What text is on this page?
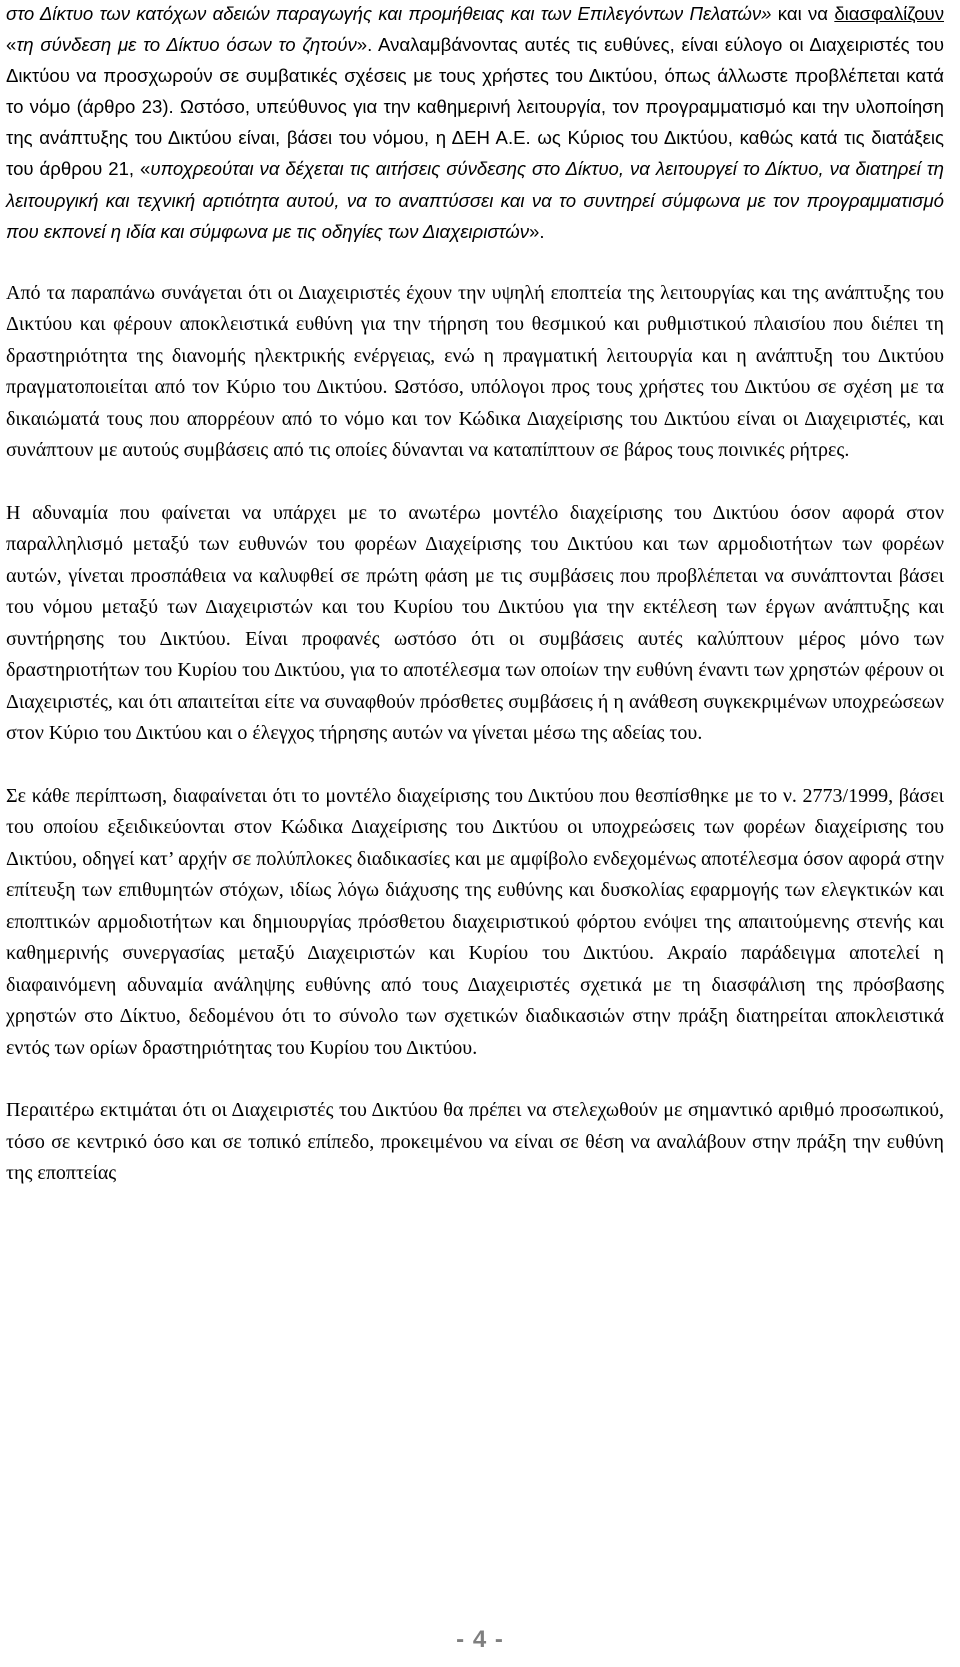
στο Δίκτυο των κατόχων αδειών παραγωγής και προμήθειας και των Επιλεγόντων Πελατών» και να διασφαλίζουν «τη σύνδεση με το Δίκτυο όσων το ζητούν». Αναλαμβάνοντας αυτές τις ευθύνες, είναι εύλογο οι Διαχειριστές του Δικτύου να προσχωρούν σε συμβατικές σχέσεις με τους χρήστες του Δικτύου, όπως άλλωστε προβλέπεται κατά το νόμο (άρθρο 23). Ωστόσο, υπεύθυνος για την καθημερινή λειτουργία, τον προγραμματισμό και την υλοποίηση της ανάπτυξης του Δικτύου είναι, βάσει του νόμου, η ΔΕΗ Α.Ε. ως Κύριος του Δικτύου, καθώς κατά τις διατάξεις του άρθρου 21, «υποχρεούται να δέχεται τις αιτήσεις σύνδεσης στο Δίκτυο, να λειτουργεί το Δίκτυο, να διατηρεί τη λειτουργική και τεχνική αρτιότητα αυτού, να το αναπτύσσει και να το συντηρεί σύμφωνα με τον προγραμματισμό που εκπονεί η ιδία και σύμφωνα με τις οδηγίες των Διαχειριστών».

Από τα παραπάνω συνάγεται ότι οι Διαχειριστές έχουν την υψηλή εποπτεία της λειτουργίας και της ανάπτυξης του Δικτύου και φέρουν αποκλειστικά ευθύνη για την τήρηση του θεσμικού και ρυθμιστικού πλαισίου που διέπει τη δραστηριότητα της διανομής ηλεκτρικής ενέργειας, ενώ η πραγματική λειτουργία και η ανάπτυξη του Δικτύου πραγματοποιείται από τον Κύριο του Δικτύου. Ωστόσο, υπόλογοι προς τους χρήστες του Δικτύου σε σχέση με τα δικαιώματά τους που απορρέουν από το νόμο και τον Κώδικα Διαχείρισης του Δικτύου είναι οι Διαχειριστές, και συνάπτουν με αυτούς συμβάσεις από τις οποίες δύνανται να καταπίπτουν σε βάρος τους ποινικές ρήτρες.

Η αδυναμία που φαίνεται να υπάρχει με το ανωτέρω μοντέλο διαχείρισης του Δικτύου όσον αφορά στον παραλληλισμό μεταξύ των ευθυνών του φορέων Διαχείρισης του Δικτύου και των αρμοδιοτήτων των φορέων αυτών, γίνεται προσπάθεια να καλυφθεί σε πρώτη φάση με τις συμβάσεις που προβλέπεται να συνάπτονται βάσει του νόμου μεταξύ των Διαχειριστών και του Κυρίου του Δικτύου για την εκτέλεση των έργων ανάπτυξης και συντήρησης του Δικτύου. Είναι προφανές ωστόσο ότι οι συμβάσεις αυτές καλύπτουν μέρος μόνο των δραστηριοτήτων του Κυρίου του Δικτύου, για το αποτέλεσμα των οποίων την ευθύνη έναντι των χρηστών φέρουν οι Διαχειριστές, και ότι απαιτείται είτε να συναφθούν πρόσθετες συμβάσεις ή η ανάθεση συγκεκριμένων υποχρεώσεων στον Κύριο του Δικτύου και ο έλεγχος τήρησης αυτών να γίνεται μέσω της αδείας του.

Σε κάθε περίπτωση, διαφαίνεται ότι το μοντέλο διαχείρισης του Δικτύου που θεσπίσθηκε με το ν. 2773/1999, βάσει του οποίου εξειδικεύονται στον Κώδικα Διαχείρισης του Δικτύου οι υποχρεώσεις των φορέων διαχείρισης του Δικτύου, οδηγεί κατ’ αρχήν σε πολύπλοκες διαδικασίες και με αμφίβολο ενδεχομένως αποτέλεσμα όσον αφορά στην επίτευξη των επιθυμητών στόχων, ιδίως λόγω διάχυσης της ευθύνης και δυσκολίας εφαρμογής των ελεγκτικών και εποπτικών αρμοδιοτήτων και δημιουργίας πρόσθετου διαχειριστικού φόρτου ενόψει της απαιτούμενης στενής και καθημερινής συνεργασίας μεταξύ Διαχειριστών και Κυρίου του Δικτύου. Ακραίο παράδειγμα αποτελεί η διαφαινόμενη αδυναμία ανάληψης ευθύνης από τους Διαχειριστές σχετικά με τη διασφάλιση της πρόσβασης χρηστών στο Δίκτυο, δεδομένου ότι το σύνολο των σχετικών διαδικασιών στην πράξη διατηρείται αποκλειστικά εντός των ορίων δραστηριότητας του Κυρίου του Δικτύου.

Περαιτέρω εκτιμάται ότι οι Διαχειριστές του Δικτύου θα πρέπει να στελεχωθούν με σημαντικό αριθμό προσωπικού, τόσο σε κεντρικό όσο και σε τοπικό επίπεδο, προκειμένου να είναι σε θέση να αναλάβουν στην πράξη την ευθύνη της εποπτείας

- 4 -
